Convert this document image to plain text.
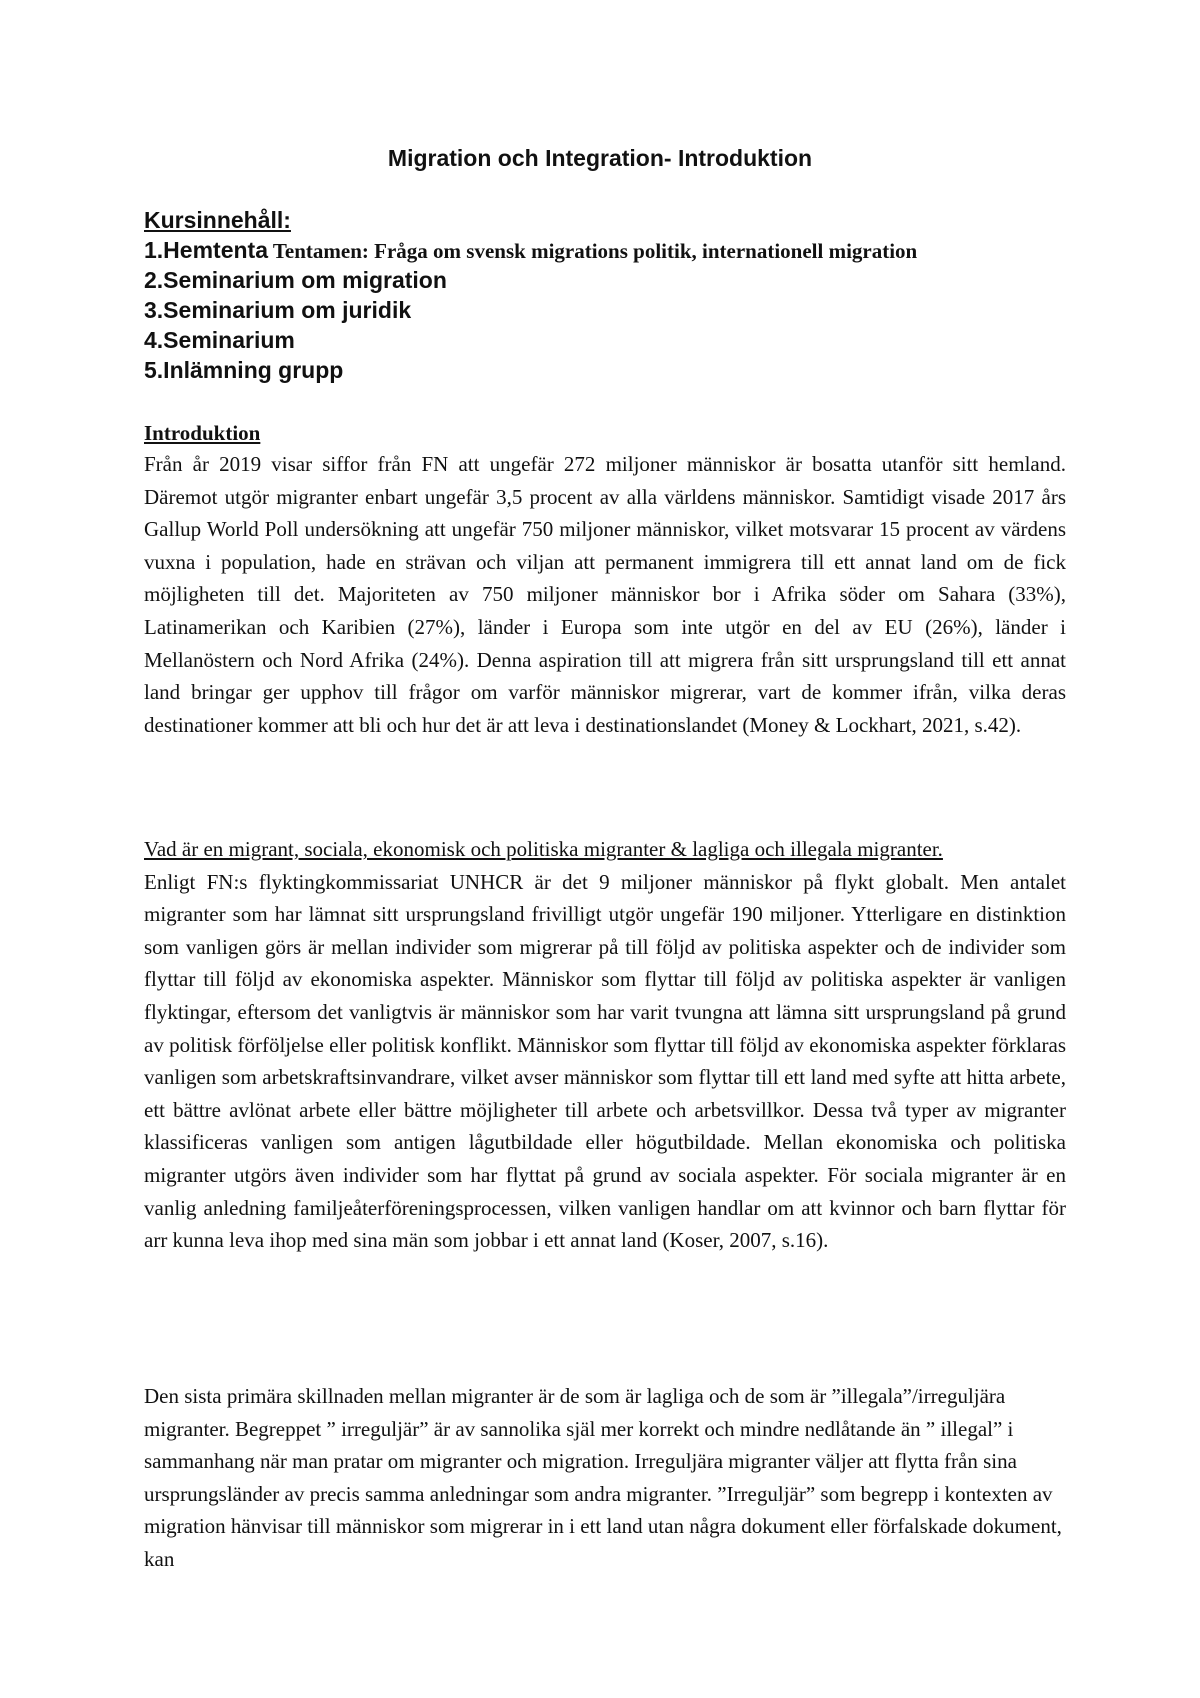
Migration och Integration- Introduktion
Kursinnehåll:
1.Hemtenta Tentamen: Fråga om svensk migrations politik, internationell migration
2.Seminarium om migration
3.Seminarium om juridik
4.Seminarium
5.Inlämning grupp
Introduktion

Från år 2019 visar siffor från FN att ungefär 272 miljoner människor är bosatta utanför sitt hemland. Däremot utgör migranter enbart ungefär 3,5 procent av alla världens människor. Samtidigt visade 2017 års Gallup World Poll undersökning att ungefär 750 miljoner människor, vilket motsvarar 15 procent av värdens vuxna i population, hade en strävan och viljan att permanent immigrera till ett annat land om de fick möjligheten till det. Majoriteten av 750 miljoner människor bor i Afrika söder om Sahara (33%), Latinamerikan och Karibien (27%), länder i Europa som inte utgör en del av EU (26%), länder i Mellanöstern och Nord Afrika (24%). Denna aspiration till att migrera från sitt ursprungsland till ett annat land bringar ger upphov till frågor om varför människor migrerar, vart de kommer ifrån, vilka deras destinationer kommer att bli och hur det är att leva i destinationslandet (Money & Lockhart, 2021, s.42).

Vad är en migrant, sociala, ekonomisk och politiska migranter & lagliga och illegala migranter.

Enligt FN:s flyktingkommissariat UNHCR är det 9 miljoner människor på flykt globalt. Men antalet migranter som har lämnat sitt ursprungsland frivilligt utgör ungefär 190 miljoner. Ytterligare en distinktion som vanligen görs är mellan individer som migrerar på till följd av politiska aspekter och de individer som flyttar till följd av ekonomiska aspekter. Människor som flyttar till följd av politiska aspekter är vanligen flyktingar, eftersom det vanligtvis är människor som har varit tvungna att lämna sitt ursprungsland på grund av politisk förföljelse eller politisk konflikt. Människor som flyttar till följd av ekonomiska aspekter förklaras vanligen som arbetskraftsinvandrare, vilket avser människor som flyttar till ett land med syfte att hitta arbete, ett bättre avlönat arbete eller bättre möjligheter till arbete och arbetsvillkor. Dessa två typer av migranter klassificeras vanligen som antigen lågutbildade eller högutbildade. Mellan ekonomiska och politiska migranter utgörs även individer som har flyttat på grund av sociala aspekter. För sociala migranter är en vanlig anledning familjeåterföreningsprocessen, vilken vanligen handlar om att kvinnor och barn flyttar för arr kunna leva ihop med sina män som jobbar i ett annat land (Koser, 2007, s.16).

Den sista primära skillnaden mellan migranter är de som är lagliga och de som är ”illegala”/irreguljära migranter. Begreppet ” irreguljär” är av sannolika själ mer korrekt och mindre nedlåtande än ” illegal” i sammanhang när man pratar om migranter och migration. Irreguljära migranter väljer att flytta från sina ursprungsländer av precis samma anledningar som andra migranter. ”Irreguljär” som begrepp i kontexten av migration hänvisar till människor som migrerar in i ett land utan några dokument eller förfalskade dokument, kan
